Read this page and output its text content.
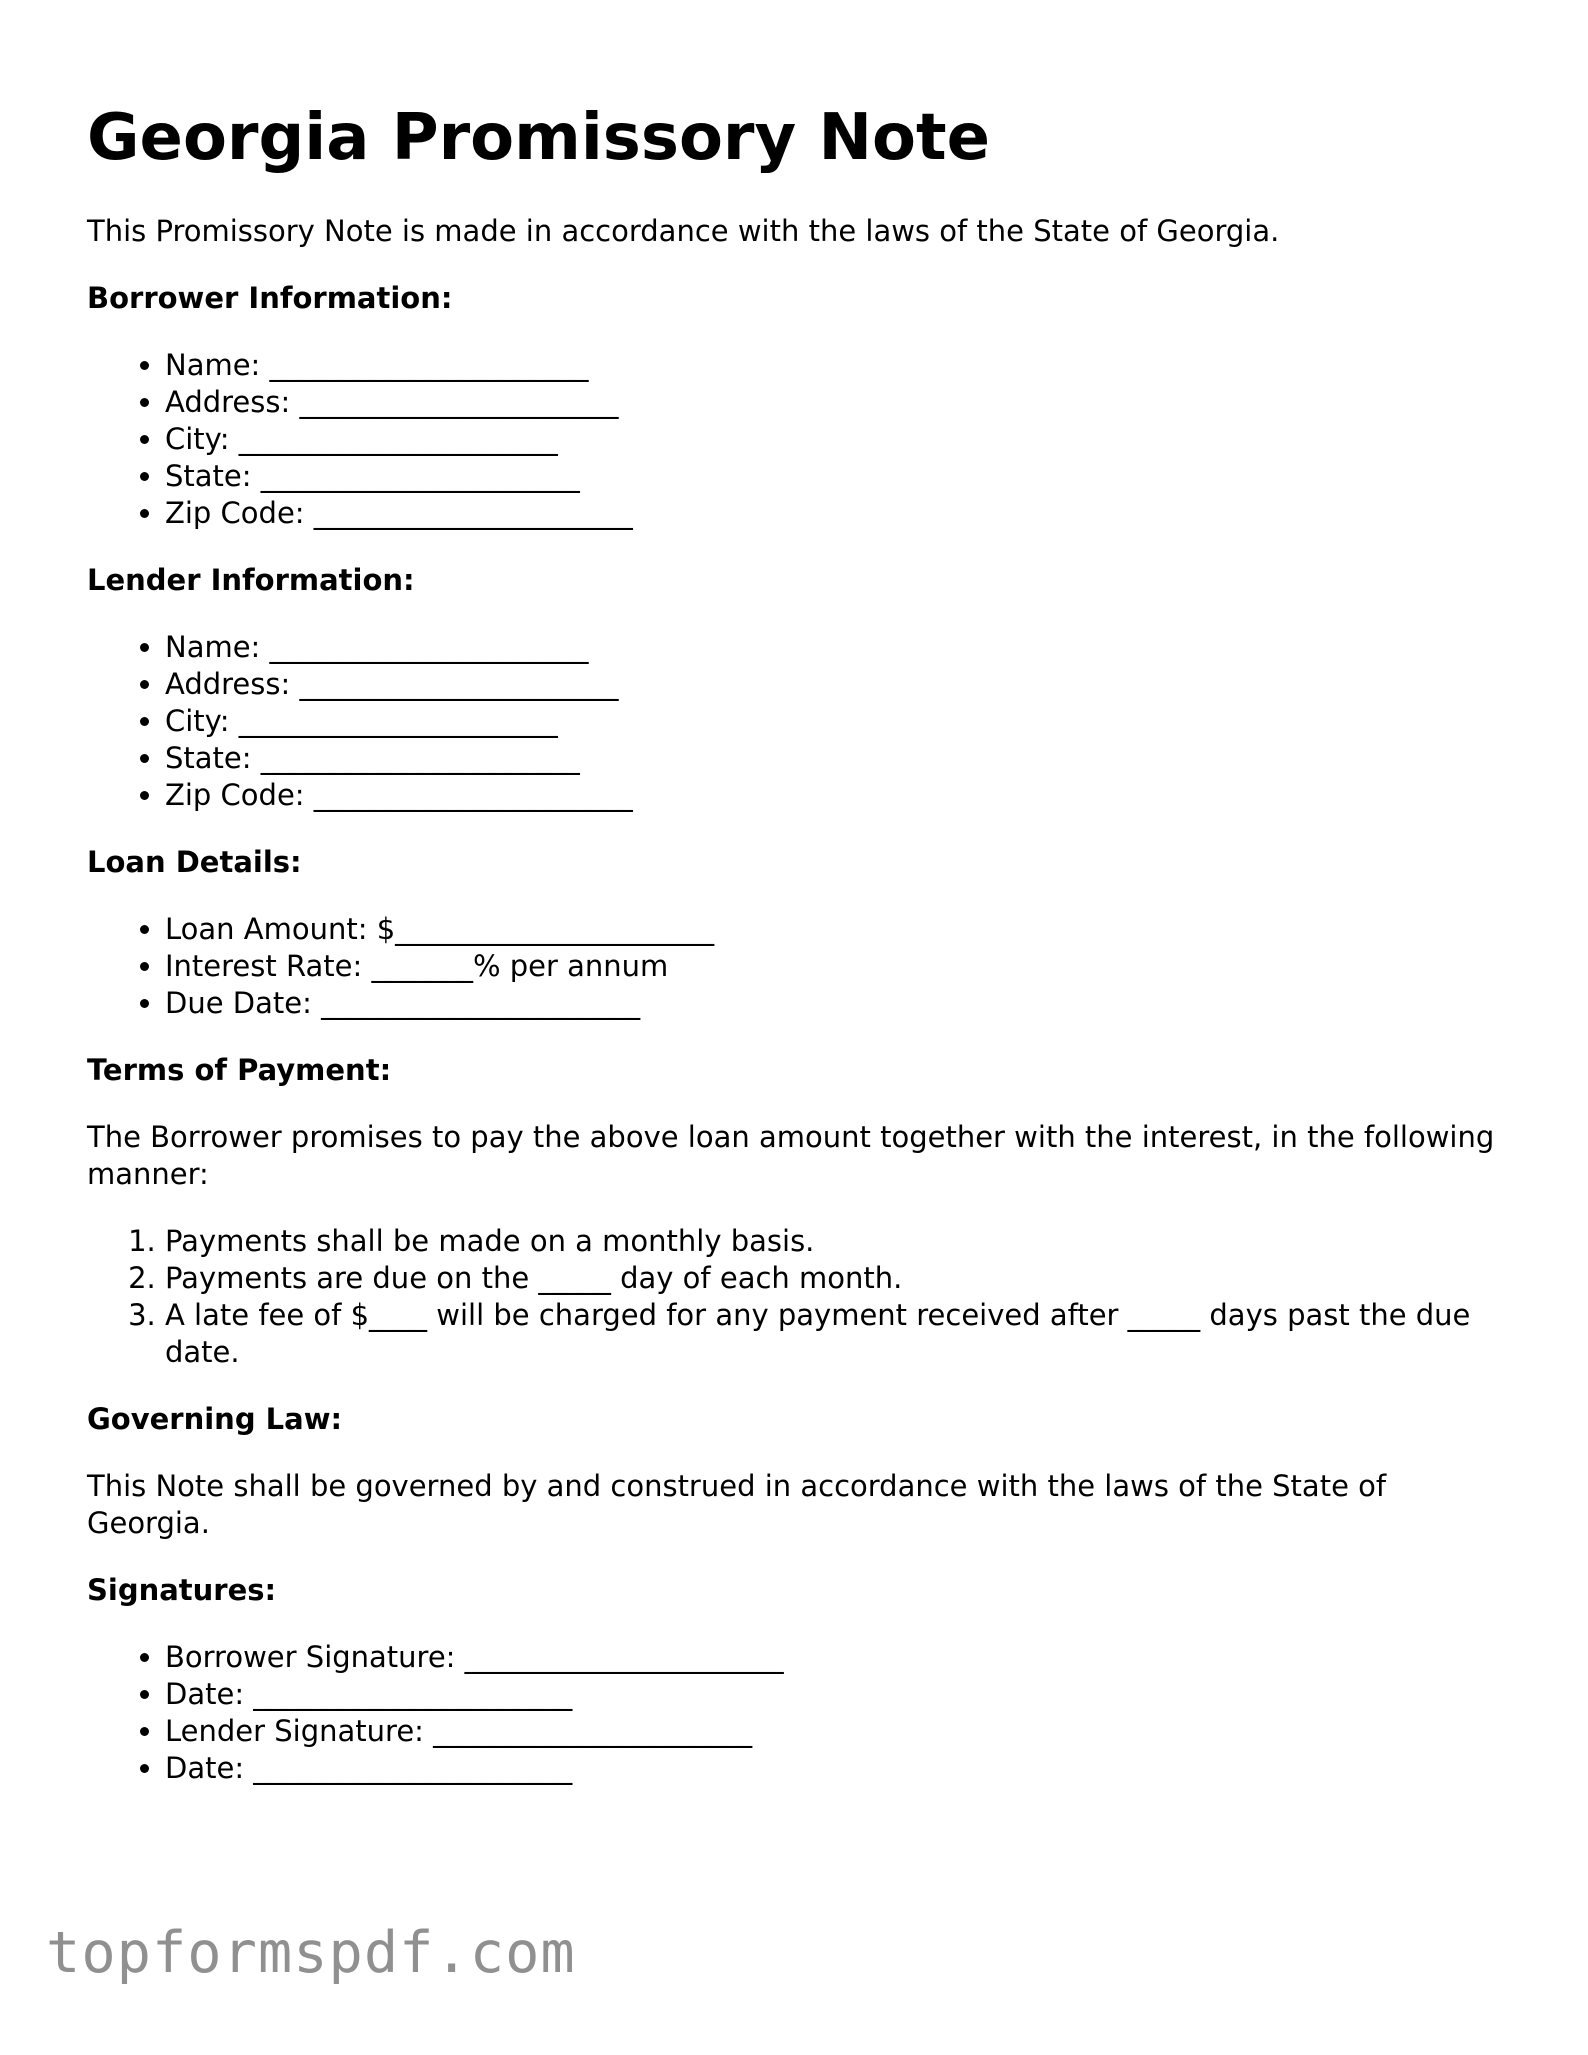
Georgia Promissory Note

This Promissory Note is made in accordance with the laws of the State of Georgia.

Borrower Information:
• Name: ______________________
• Address: ______________________
• City: ______________________
• State: ______________________
• Zip Code: ______________________
Lender Information:
• Name: ______________________
• Address: ______________________
• City: ______________________
• State: ______________________
• Zip Code: ______________________
Loan Details:
• Loan Amount: $______________________
• Interest Rate: _______% per annum
• Due Date: ______________________
Terms of Payment:

The Borrower promises to pay the above loan amount together with the interest, in the following manner:

1. Payments shall be made on a monthly basis.
2. Payments are due on the _____ day of each month.
3. A late fee of $____ will be charged for any payment received after _____ days past the due date.
Governing Law:

This Note shall be governed by and construed in accordance with the laws of the State of Georgia.

Signatures:
• Borrower Signature: ______________________
• Date: ______________________
• Lender Signature: ______________________
• Date: ______________________
topformspdf.com
